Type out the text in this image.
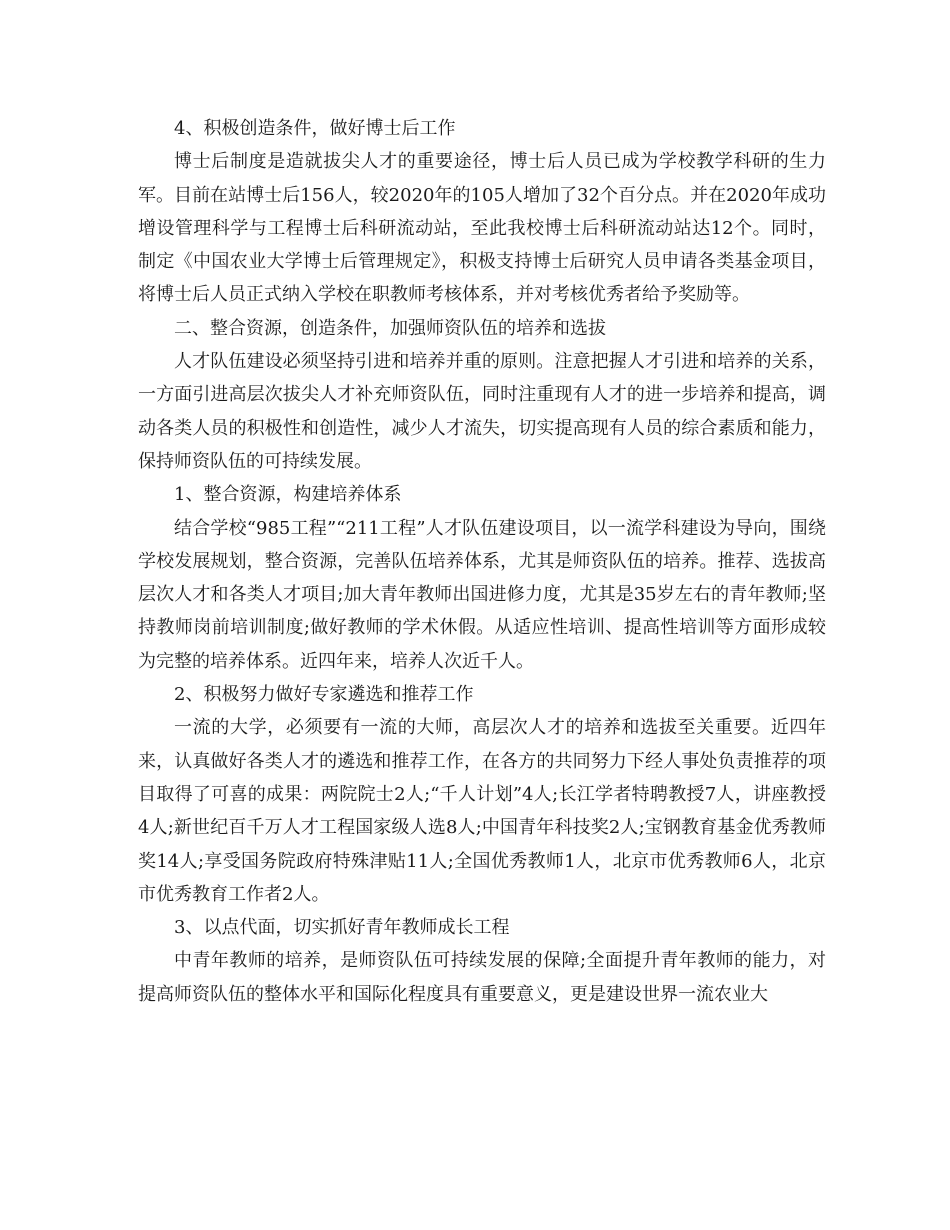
4、积极创造条件，做好博士后工作

博士后制度是造就拔尖人才的重要途径，博士后人员已成为学校教学科研的生力军。目前在站博士后156人，较2020年的105人增加了32个百分点。并在2020年成功增设管理科学与工程博士后科研流动站，至此我校博士后科研流动站达12个。同时，制定《中国农业大学博士后管理规定》，积极支持博士后研究人员申请各类基金项目，将博士后人员正式纳入学校在职教师考核体系，并对考核优秀者给予奖励等。

二、整合资源，创造条件，加强师资队伍的培养和选拔

人才队伍建设必须坚持引进和培养并重的原则。注意把握人才引进和培养的关系，一方面引进高层次拔尖人才补充师资队伍，同时注重现有人才的进一步培养和提高，调动各类人员的积极性和创造性，减少人才流失，切实提高现有人员的综合素质和能力，保持师资队伍的可持续发展。

1、整合资源，构建培养体系

结合学校“985工程”“211工程”人才队伍建设项目，以一流学科建设为导向，围绕学校发展规划，整合资源，完善队伍培养体系，尤其是师资队伍的培养。推荐、选拔高层次人才和各类人才项目;加大青年教师出国进修力度，尤其是35岁左右的青年教师;坚持教师岗前培训制度;做好教师的学术休假。从适应性培训、提高性培训等方面形成较为完整的培养体系。近四年来，培养人次近千人。

2、积极努力做好专家遴选和推荐工作

一流的大学，必须要有一流的大师，高层次人才的培养和选拔至关重要。近四年来，认真做好各类人才的遴选和推荐工作，在各方的共同努力下经人事处负责推荐的项目取得了可喜的成果：两院院士2人;“千人计划”4人;长江学者特聘教授7人，讲座教授4人;新世纪百千万人才工程国家级人选8人;中国青年科技奖2人;宝钢教育基金优秀教师奖14人;享受国务院政府特殊津贴11人;全国优秀教师1人，北京市优秀教师6人，北京市优秀教育工作者2人。

3、以点代面，切实抓好青年教师成长工程

中青年教师的培养，是师资队伍可持续发展的保障;全面提升青年教师的能力，对提高师资队伍的整体水平和国际化程度具有重要意义，更是建设世界一流农业大
